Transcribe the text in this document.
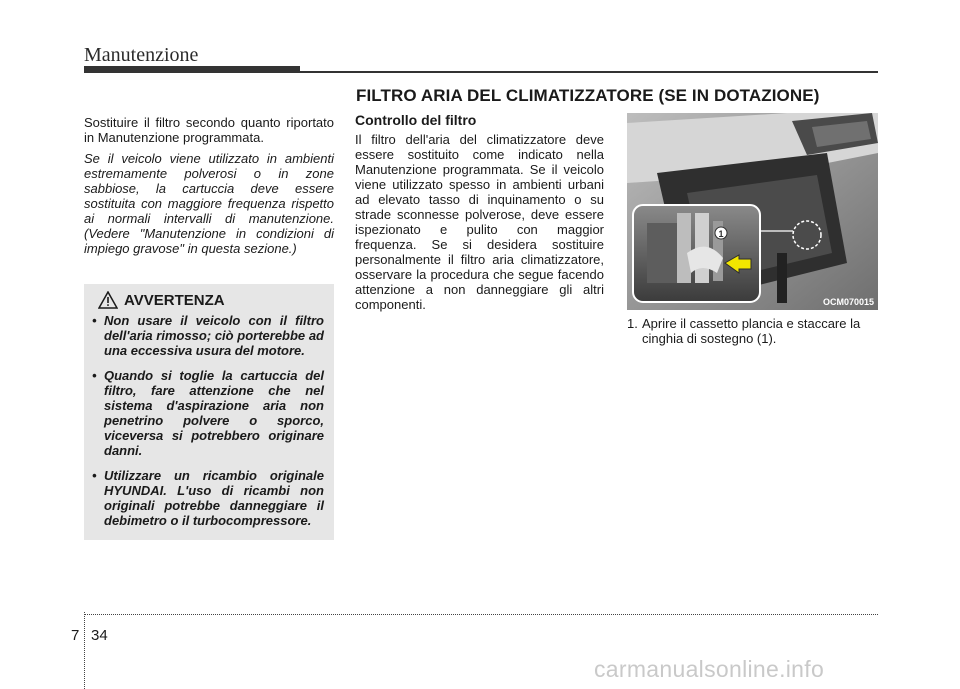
Manutenzione
FILTRO ARIA DEL CLIMATIZZATORE (SE IN DOTAZIONE)

Sostituire il filtro secondo quanto riportato in Manutenzione programmata.

Se il veicolo viene utilizzato in ambienti estremamente polverosi o in zone sabbiose, la cartuccia deve essere sostituita con maggiore frequenza rispetto ai normali intervalli di manutenzione. (Vedere "Manutenzione in condizioni di impiego gravose" in questa sezione.)

AVVERTENZA
• Non usare il veicolo con il filtro dell'aria rimosso; ciò porterebbe ad una eccessiva usura del motore.
• Quando si toglie la cartuccia del filtro, fare attenzione che nel sistema d'aspirazione aria non penetrino polvere o sporco, viceversa si potrebbero originare danni.
• Utilizzare un ricambio originale HYUNDAI. L'uso di ricambi non originali potrebbe danneggiare il debimetro o il turbocompressore.
Controllo del filtro

Il filtro dell'aria del climatizzatore deve essere sostituito come indicato nella Manutenzione programmata. Se il veicolo viene utilizzato spesso in ambienti urbani ad elevato tasso di inquinamento o su strade sconnesse polverose, deve essere ispezionato e pulito con maggior frequenza. Se si desidera sostituire personalmente il filtro aria climatizzatore, osservare la procedura che segue facendo attenzione a non danneggiare gli altri componenti.

1
OCM070015
1. Aprire il cassetto plancia e staccare la cinghia di sostegno (1).
7 34
carmanualsonline.info
